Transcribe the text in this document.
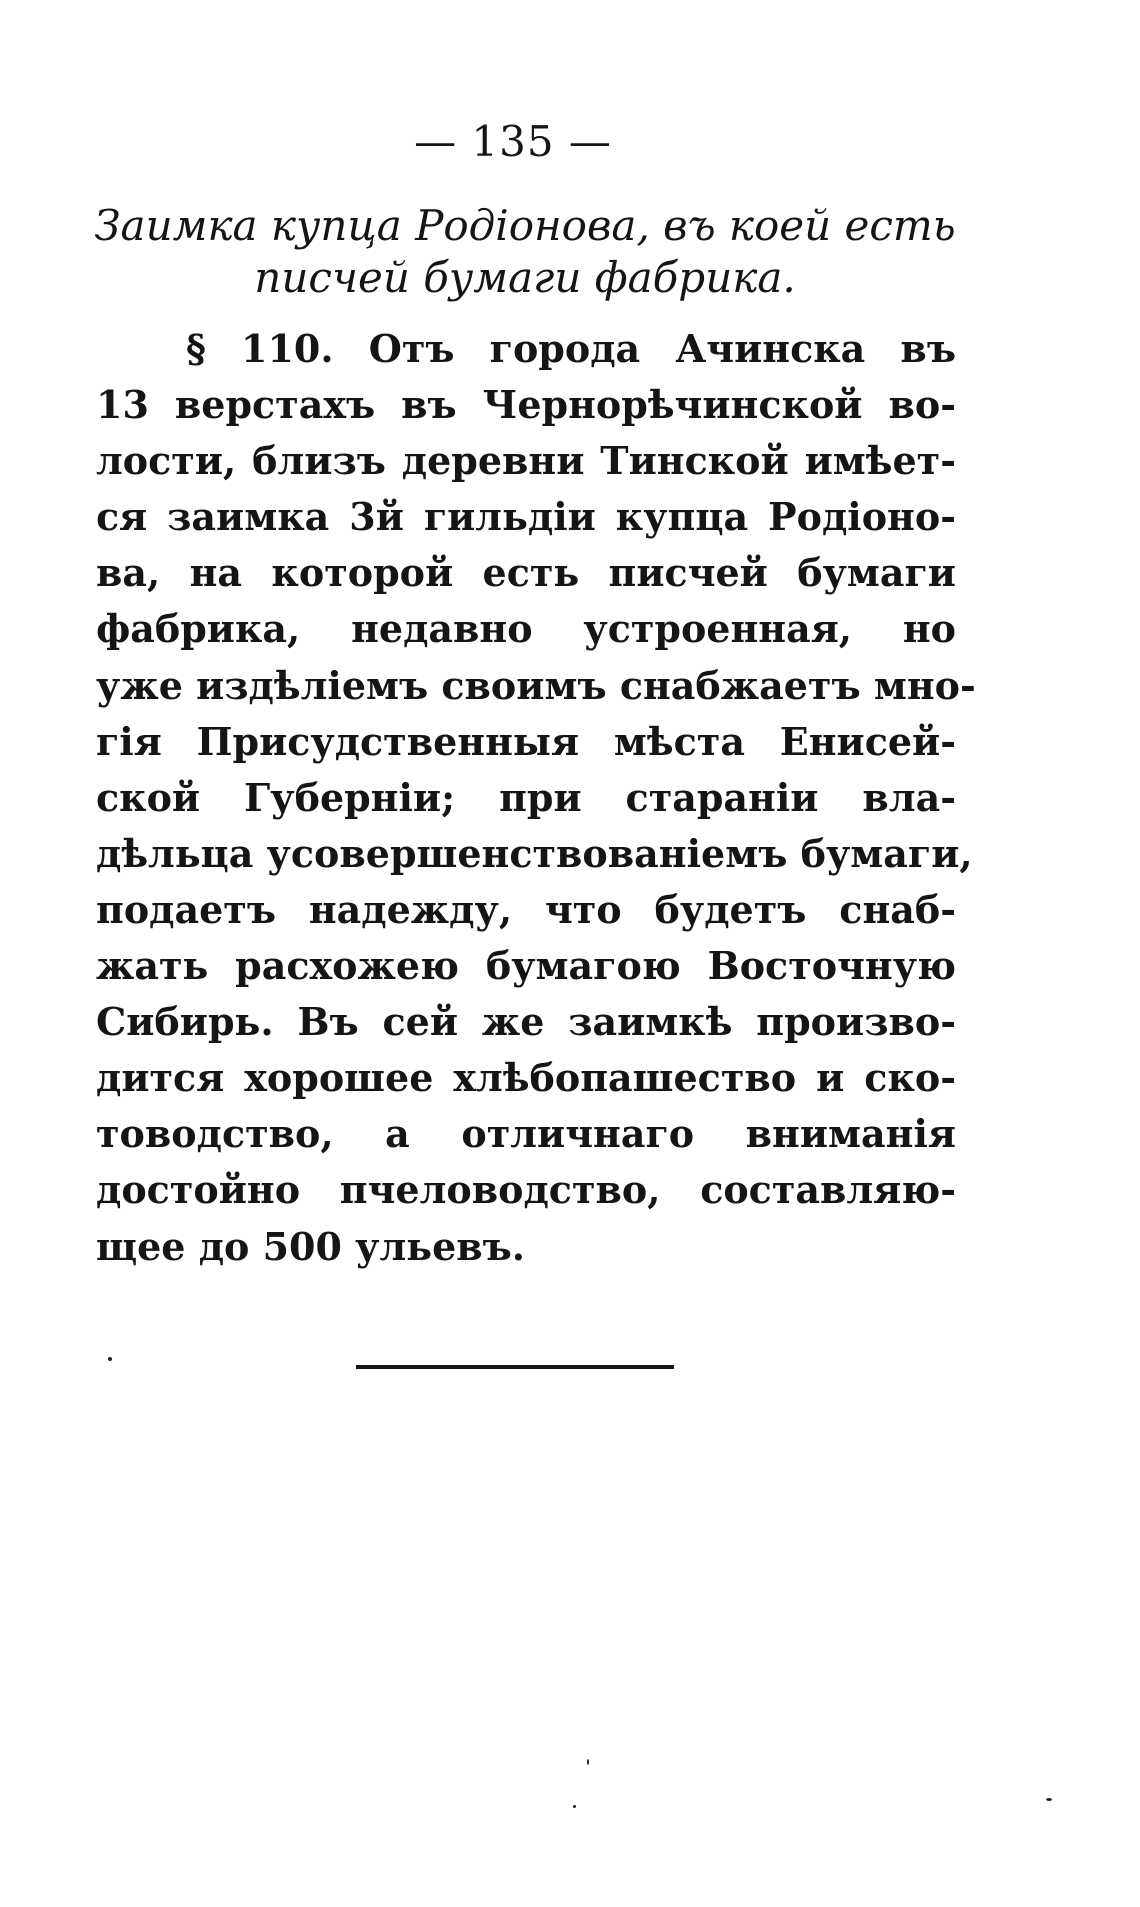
— 135 —
Заимка купца Родіонова, въ коей есть
писчей бумаги фабрика.
§ 110. Отъ города Ачинска въ
13 верстахъ въ Чернорѣчинской во-
лости, близъ деревни Тинской имѣет-
ся заимка 3й гильдіи купца Родіоно-
ва, на которой есть писчей бумаги
фабрика, недавно устроенная, но
уже издѣліемъ своимъ снабжаетъ мно-
гія Присудственныя мѣста Енисей-
ской Губерніи; при стараніи вла-
дѣльца усовершенствованіемъ бумаги,
подаетъ надежду, что будетъ снаб-
жать расхожею бумагою Восточную
Сибирь. Въ сей же заимкѣ произво-
дится хорошее хлѣбопашество и ско-
товодство, а отличнаго вниманія
достойно пчеловодство, составляю-
щее до 500 ульевъ.
